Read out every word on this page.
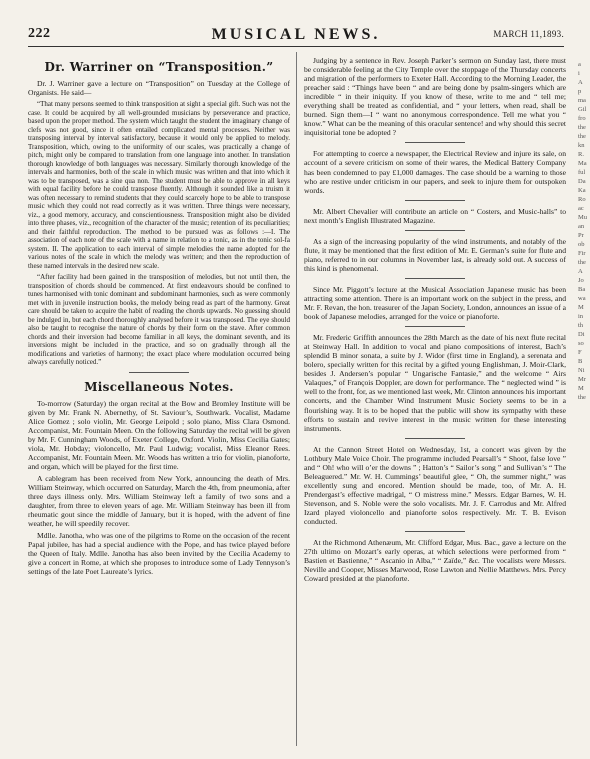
222	MUSICAL NEWS.	MARCH 11,1893.
Dr. Warriner on “Transposition.”

Dr. J. Warriner gave a lecture on “Transposition” on Tuesday at the College of Organists. He said—

“That many persons seemed to think transposition at sight a special gift. Such was not the case. It could be acquired by all well-grounded musicians by perseverance and practice, based upon the proper method. The system which taught the student the imaginary change of clefs was not good, since it often entailed complicated mental processes. Neither was transposing interval by interval satisfactory, because it would only be applied to melody. Transposition, which, owing to the uniformity of our scales, was practically a change of pitch, might only be compared to translation from one language into another. In translation thorough knowledge of both languages was necessary. Similarly thorough knowledge of the intervals and harmonies, both of the scale in which music was written and that into which it was to be transposed, was a sine qua non. The student must be able to approve in all keys with equal facility before he could transpose fluently. Although it sounded like a truism it was often necessary to remind students that they could scarcely hope to be able to transpose music which they could not read correctly as it was written. Three things were necessary, viz., a good memory, accuracy, and conscientiousness. Transposition might also be divided into three phases, viz., recognition of the character of the music; retention of its peculiarities; and their faithful reproduction. The method to be pursued was as follows :—I. The association of each note of the scale with a name in relation to a tonic, as in the tonic sol-fa system. II. The application to each interval of simple melodies the name adopted for the various notes of the scale in which the melody was written; and then the reproduction of these named intervals in the desired new scale.

“After facility had been gained in the transposition of melodies, but not until then, the transposition of chords should be commenced. At first endeavours should be confined to tunes harmonised with tonic dominant and subdominant harmonies, such as were commonly met with in juvenile instruction books, the melody being read as part of the harmony. Great care should be taken to acquire the habit of reading the chords upwards. No guessing should be indulged in, but each chord thoroughly analysed before it was transposed. The eye should also be taught to recognise the nature of chords by their form on the stave. After common chords and their inversion had become familiar in all keys, the dominant seventh, and its inversions might be included in the practice, and so on gradually through all the modifications and varieties of harmony; the exact place where modulation occurred being always carefully noticed.”

Miscellaneous Notes.

To-morrow (Saturday) the organ recital at the Bow and Bromley Institute will be given by Mr. Frank N. Abernethy, of St. Saviour’s, Southwark. Vocalist, Madame Alice Gomez ; solo violin, Mr. George Leipold ; solo piano, Miss Clara Osmond. Accompanist, Mr. Fountain Meen. On the following Saturday the recital will be given by Mr. F. Cunningham Woods, of Exeter College, Oxford. Violin, Miss Cecilia Gates; viola, Mr. Hobday; violoncello, Mr. Paul Ludwig; vocalist, Miss Eleanor Rees. Accompanist, Mr. Fountain Meen. Mr. Woods has written a trio for violin, pianoforte, and organ, which will be played for the first time.

A cablegram has been received from New York, announcing the death of Mrs. William Steinway, which occurred on Saturday, March the 4th, from pneumonia, after three days illness only. Mrs. William Steinway left a family of two sons and a daughter, from three to eleven years of age. Mr. William Steinway has been ill from rheumatic gout since the middle of January, but it is hoped, with the advent of fine weather, he will speedily recover.

Mdlle. Janotha, who was one of the pilgrims to Rome on the occasion of the recent Papal jubilee, has had a special audience with the Pope, and has twice played before the Queen of Italy. Mdlle. Janotha has also been invited by the Cecilia Academy to give a concert in Rome, at which she proposes to introduce some of Lady Tennyson’s settings of the late Poet Laureate’s lyrics.

Judging by a sentence in Rev. Joseph Parker’s sermon on Sunday last, there must be considerable feeling at the City Temple over the stoppage of the Thursday concerts and migration of the performers to Exeter Hall. According to the Morning Leader, the preacher said : “Things have been “ and are being done by psalm-singers which are incredible “ in their iniquity. If you know of these, write to me and “ tell me; everything shall be treated as confidential, and “ your letters, when read, shall be burned. Sign them—I “ want no anonymous correspondence. Tell me what you “ know.” What can be the meaning of this oracular sentence! and why should this secret inquisitorial tone be adopted ?

For attempting to coerce a newspaper, the Electrical Review and injure its sale, on account of a severe criticism on some of their wares, the Medical Battery Company has been condemned to pay £1,000 damages. The case should be a warning to those who are restive under criticism in our papers, and seek to injure them for outspoken words.

Mr. Albert Chevalier will contribute an article on “ Costers, and Music-halls” to next month’s English Illustrated Magazine.

As a sign of the increasing popularity of the wind instruments, and notably of the flute, it may be mentioned that the first edition of Mr. E. German’s suite for flute and piano, referred to in our columns in November last, is already sold out. A success of this kind is phenomenal.

Since Mr. Piggott’s lecture at the Musical Association Japanese music has been attracting some attention. There is an important work on the subject in the press, and Mr. F. Revan, the hon. treasurer of the Japan Society, London, announces an issue of a book of Japanese melodies, arranged for the voice or pianoforte.

Mr. Frederic Griffith announces the 28th March as the date of his next flute recital at Steinway Hall. In addition to vocal and piano compositions of interest, Bach’s splendid B minor sonata, a suite by J. Widor (first time in England), a serenata and bolero, specially written for this recital by a gifted young Englishman, J. Moir-Clark, besides J. Andersen’s popular “ Ungarische Fantasie,” and the welcome “ Airs Valaques,” of François Doppler, are down for performance. The “ neglected wind ” is well to the front, for, as we mentioned last week, Mr. Clinton announces his important concerts, and the Chamber Wind Instrument Music Society seems to be in a flourishing way. It is to be hoped that the public will show its sympathy with these efforts to sustain and revive interest in the music written for these interesting instruments.

At the Cannon Street Hotel on Wednesday, 1st, a concert was given by the Lothbury Male Voice Choir. The programme included Pearsall’s “ Shoot, false love ” and “ Oh! who will o’er the downs ” ; Hatton’s “ Sailor’s song ” and Sullivan’s “ The Beleaguered.” Mr. W. H. Cummings’ beautiful glee, “ Oh, the summer night,” was excellently sung and encored. Mention should be made, too, of Mr. A. H. Prendergast’s effective madrigal, “ O mistress mine.” Messrs. Edgar Barnes, W. H. Stevenson, and S. Noble were the solo vocalists. Mr. J. F. Carrodus and Mr. Alfred Izard played violoncello and pianoforte solos respectively. Mr. T. B. Evison conducted.

At the Richmond Athenæum, Mr. Clifford Edgar, Mus. Bac., gave a lecture on the 27th ultimo on Mozart’s early operas, at which selections were performed from “ Bastien et Bastienne,” “ Ascanio in Alba,” “ Zaïde,” &c. The vocalists were Messrs. Neville and Cooper, Misses Marwood, Rose Lawton and Nellie Matthews. Mrs. Percy Coward presided at the pianoforte.

a
i
A
p
ma
Gil
fro
the
the
kn
R.
Ma
ful
Da
Ka
Ro
ac
Mu
an
Pr
ob
Fir
the
A
Jo
Ba
wa
M
in
th
Di
so
F
B
Ni
Mr
M
the
